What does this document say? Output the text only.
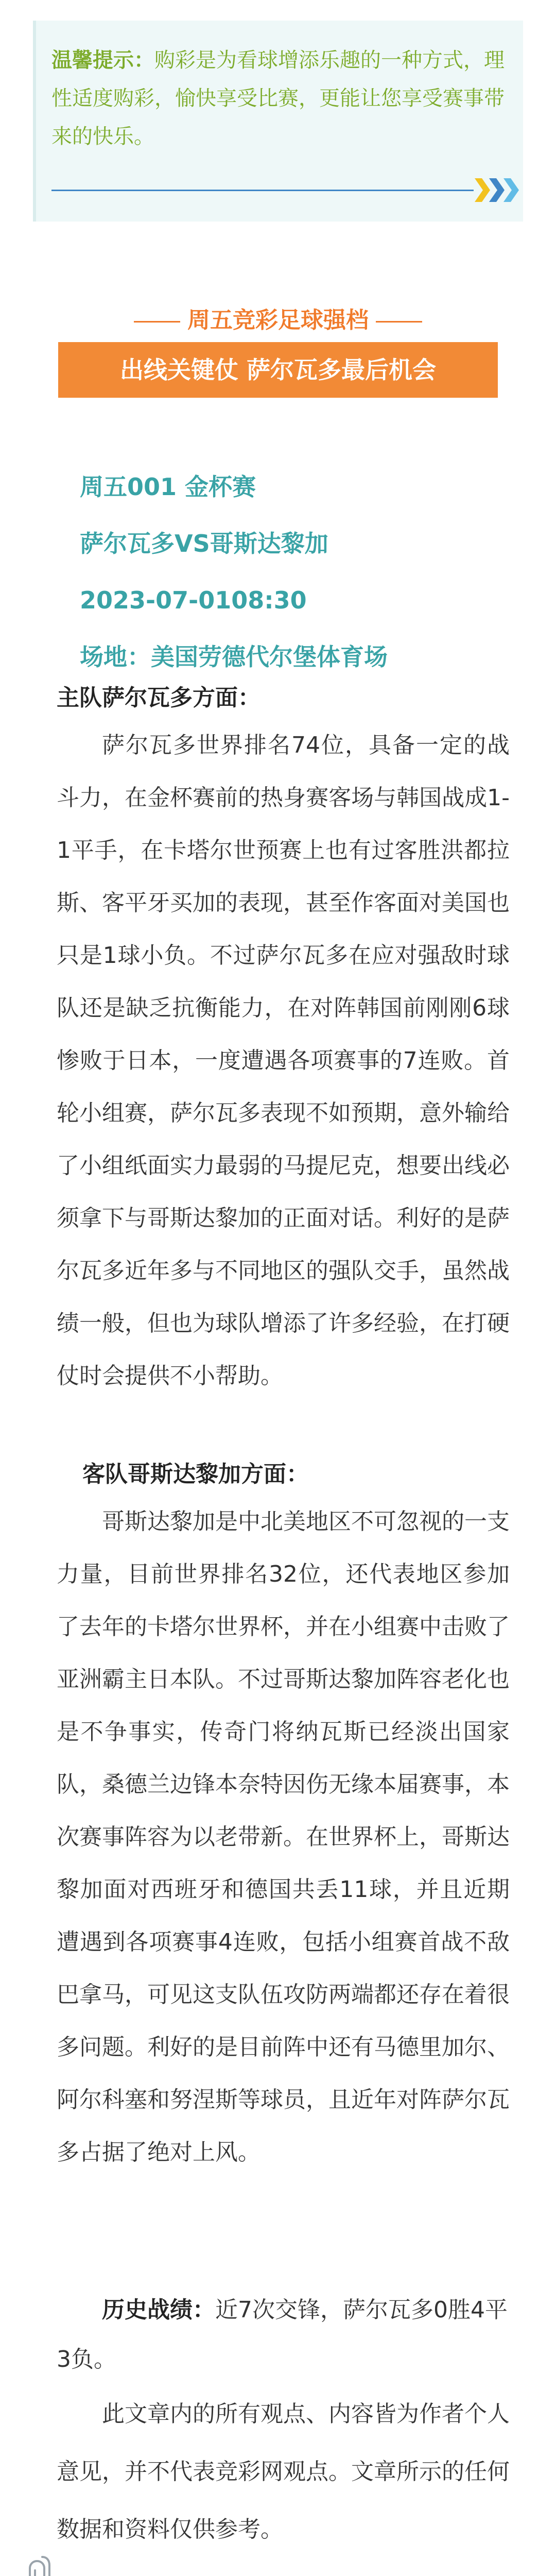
温馨提示：购彩是为看球增添乐趣的一种方式，理性适度购彩，愉快享受比赛，更能让您享受赛事带来的快乐。
周五竞彩足球强档
出线关键仗 萨尔瓦多最后机会
周五001 金杯赛
萨尔瓦多VS哥斯达黎加
2023-07-0108:30
场地：美国劳德代尔堡体育场
主队萨尔瓦多方面：
萨尔瓦多世界排名74位，具备一定的战斗力，在金杯赛前的热身赛客场与韩国战成1-1平手，在卡塔尔世预赛上也有过客胜洪都拉斯、客平牙买加的表现，甚至作客面对美国也只是1球小负。不过萨尔瓦多在应对强敌时球队还是缺乏抗衡能力，在对阵韩国前刚刚6球惨败于日本，一度遭遇各项赛事的7连败。首轮小组赛，萨尔瓦多表现不如预期，意外输给了小组纸面实力最弱的马提尼克，想要出线必须拿下与哥斯达黎加的正面对话。利好的是萨尔瓦多近年多与不同地区的强队交手，虽然战绩一般，但也为球队增添了许多经验，在打硬仗时会提供不小帮助。
客队哥斯达黎加方面：
哥斯达黎加是中北美地区不可忽视的一支力量，目前世界排名32位，还代表地区参加了去年的卡塔尔世界杯，并在小组赛中击败了亚洲霸主日本队。不过哥斯达黎加阵容老化也是不争事实，传奇门将纳瓦斯已经淡出国家队，桑德兰边锋本奈特因伤无缘本届赛事，本次赛事阵容为以老带新。在世界杯上，哥斯达黎加面对西班牙和德国共丢11球，并且近期遭遇到各项赛事4连败，包括小组赛首战不敌巴拿马，可见这支队伍攻防两端都还存在着很多问题。利好的是目前阵中还有马德里加尔、阿尔科塞和努涅斯等球员，且近年对阵萨尔瓦多占据了绝对上风。
历史战绩：近7次交锋，萨尔瓦多0胜4平3负。
此文章内的所有观点、内容皆为作者个人意见，并不代表竞彩网观点。文章所示的任何数据和资料仅供参考。
